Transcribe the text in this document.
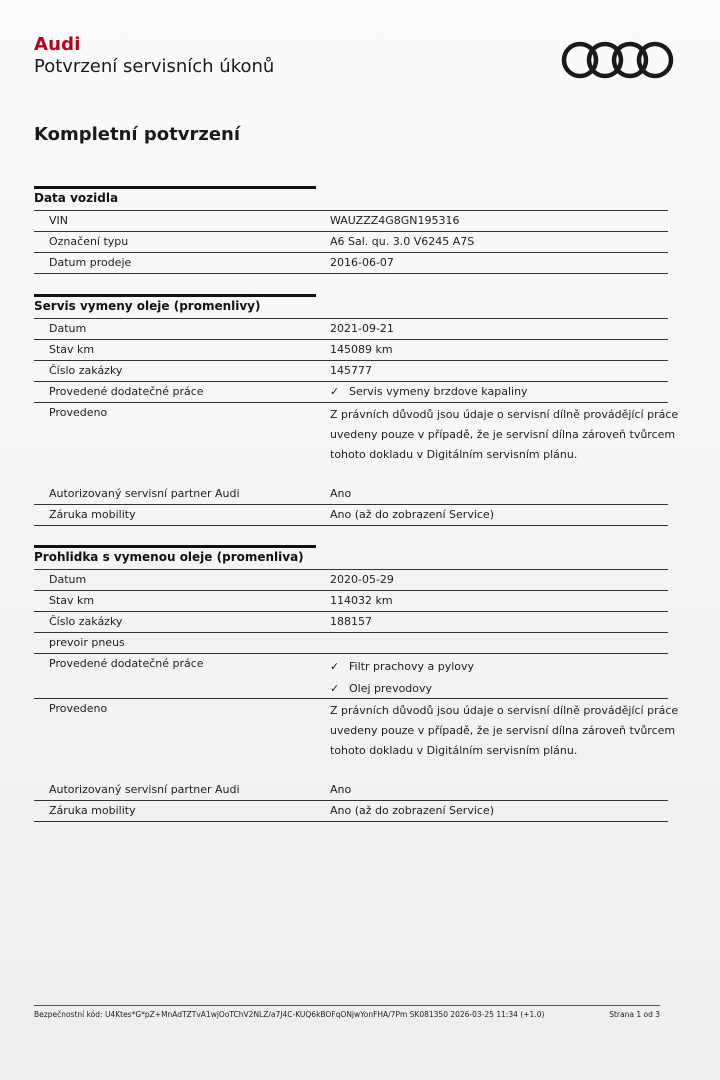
Audi
Potvrzení servisních úkonů
Kompletní potvrzení
Data vozidla
VIN	WAUZZZ4G8GN195316
Označení typu	A6 Sal. qu. 3.0 V6245 A7S
Datum prodeje	2016-06-07
Servis vymeny oleje (promenlivy)
Datum	2021-09-21
Stav km	145089 km
Číslo zakázky	145777
Provedené dodatečné práce	✓ Servis vymeny brzdove kapaliny
Provedeno	Z právních důvodů jsou údaje o servisní dílně provádějící práce
uvedeny pouze v případě, že je servisní dílna zároveň tvůrcem
tohoto dokladu v Digitálním servisním plánu.
Autorizovaný servisní partner Audi	Ano
Záruka mobility	Ano (až do zobrazení Service)
Prohlidka s vymenou oleje (promenliva)
Datum	2020-05-29
Stav km	114032 km
Číslo zakázky	188157
prevoir pneus
Provedené dodatečné práce	✓ Filtr prachovy a pylovy
✓ Olej prevodovy
Provedeno	Z právních důvodů jsou údaje o servisní dílně provádějící práce
uvedeny pouze v případě, že je servisní dílna zároveň tvůrcem
tohoto dokladu v Digitálním servisním plánu.
Autorizovaný servisní partner Audi	Ano
Záruka mobility	Ano (až do zobrazení Service)
Bezpečnostní kód: U4Ktes*G*pZ+MnAdTZTvA1wjOoTChV2NLZ/a7J4C-KUQ6kBOFqONjwYonFHA/7Pm SK081350 2026-03-25 11:34 (+1.0)	Strana 1 od 3
